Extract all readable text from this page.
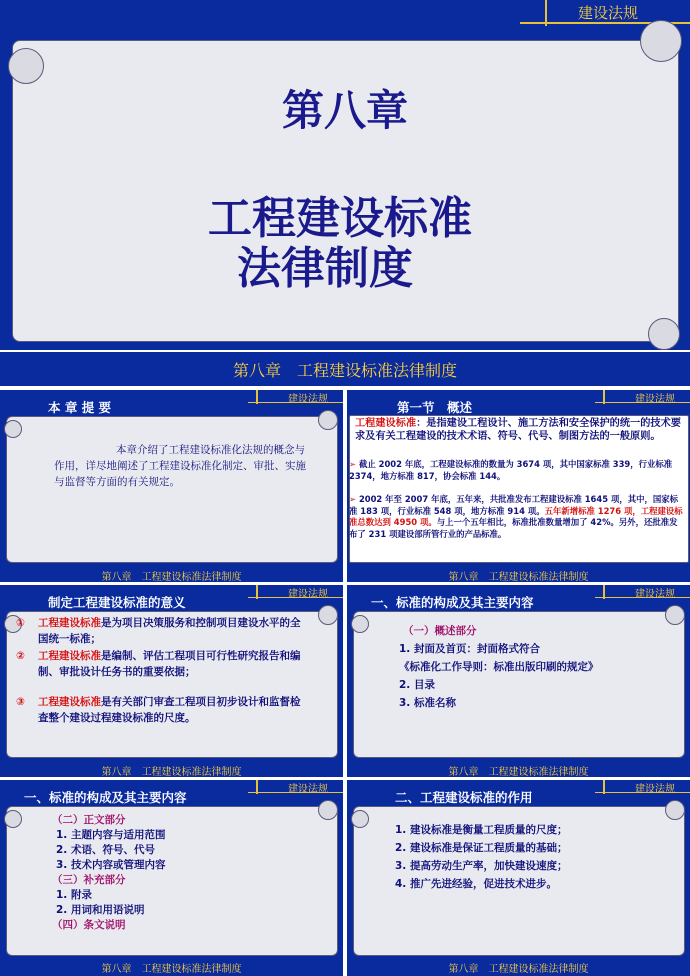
建设法规
第八章
工程建设标准
法律制度
第八章　工程建设标准法律制度
建设法规
本 章 提 要
本章介绍了工程建设标准化法规的概念与作用，详尽地阐述了工程建设标准化制定、审批、实施与监督等方面的有关规定。
第八章　工程建设标准法律制度
建设法规
第一节　概述
工程建设标准：是指建设工程设计、施工方法和安全保护的统一的技术要求及有关工程建设的技术术语、符号、代号、制图方法的一般原则。
➢ 截止 2002 年底，工程建设标准的数量为 3674 项，其中国家标准 339，行业标准 2374，地方标准 817，协会标准 144。
➢ 2002 年至 2007 年底，五年来，共批准发布工程建设标准 1645 项，其中，国家标准 183 项，行业标准 548 项，地方标准 914 项。五年新增标准 1276 项，工程建设标准总数达到 4950 项。与上一个五年相比，标准批准数量增加了 42%。另外，还批准发布了 231 项建设部所管行业的产品标准。
第八章　工程建设标准法律制度
建设法规
制定工程建设标准的意义
① 工程建设标准是为项目决策服务和控制项目建设水平的全国统一标准；
② 工程建设标准是编制、评估工程项目可行性研究报告和编制、审批设计任务书的重要依据；
③ 工程建设标准是有关部门审查工程项目初步设计和监督检查整个建设过程建设标准的尺度。
第八章　工程建设标准法律制度
建设法规
一、标准的构成及其主要内容
（一）概述部分
1. 封面及首页：封面格式符合
《标准化工作导则：标准出版印刷的规定》
2. 目录
3. 标准名称
第八章　工程建设标准法律制度
建设法规
一、标准的构成及其主要内容
（二）正文部分
1. 主题内容与适用范围
2. 术语、符号、代号
3. 技术内容或管理内容
（三）补充部分
1. 附录
2. 用词和用语说明
（四）条文说明
第八章　工程建设标准法律制度
建设法规
二、工程建设标准的作用
1. 建设标准是衡量工程质量的尺度；
2. 建设标准是保证工程质量的基础；
3. 提高劳动生产率，加快建设速度；
4. 推广先进经验，促进技术进步。
第八章　工程建设标准法律制度
